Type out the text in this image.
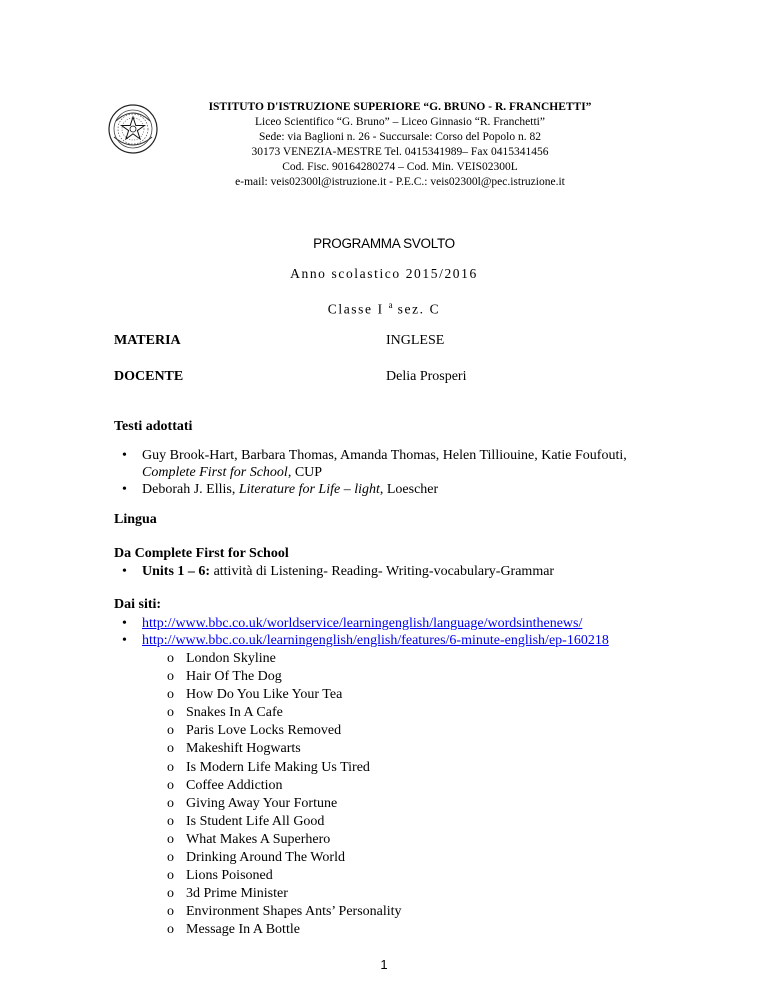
ISTITUTO D'ISTRUZIONE SUPERIORE “G. BRUNO - R. FRANCHETTI”
Liceo Scientifico “G. Bruno” – Liceo Ginnasio “R. Franchetti”
Sede: via Baglioni n. 26 - Succursale: Corso del Popolo n. 82
30173 VENEZIA-MESTRE Tel. 0415341989– Fax 0415341456
Cod. Fisc. 90164280274 – Cod. Min. VEIS02300L
e-mail: veis02300l@istruzione.it - P.E.C.: veis02300l@pec.istruzione.it
PROGRAMMA SVOLTO
Anno scolastico 2015/2016
Classe I $^a$ sez. C
MATERIA	INGLESE
DOCENTE	Delia Prosperi
Testi adottati
• Guy Brook-Hart, Barbara Thomas, Amanda Thomas, Helen Tilliouine, Katie Foufouti,
Complete First for School, CUP
• Deborah J. Ellis, Literature for Life – light, Loescher
Lingua
Da Complete First for School
• Units 1 – 6: attività di Listening- Reading- Writing-vocabulary-Grammar
Dai siti:
• http://www.bbc.co.uk/worldservice/learningenglish/language/wordsinthenews/
• http://www.bbc.co.uk/learningenglish/english/features/6-minute-english/ep-160218
o London Skyline
o Hair Of The Dog
o How Do You Like Your Tea
o Snakes In A Cafe
o Paris Love Locks Removed
o Makeshift Hogwarts
o Is Modern Life Making Us Tired
o Coffee Addiction
o Giving Away Your Fortune
o Is Student Life All Good
o What Makes A Superhero
o Drinking Around The World
o Lions Poisoned
o 3d Prime Minister
o Environment Shapes Ants’ Personality
o Message In A Bottle
1
